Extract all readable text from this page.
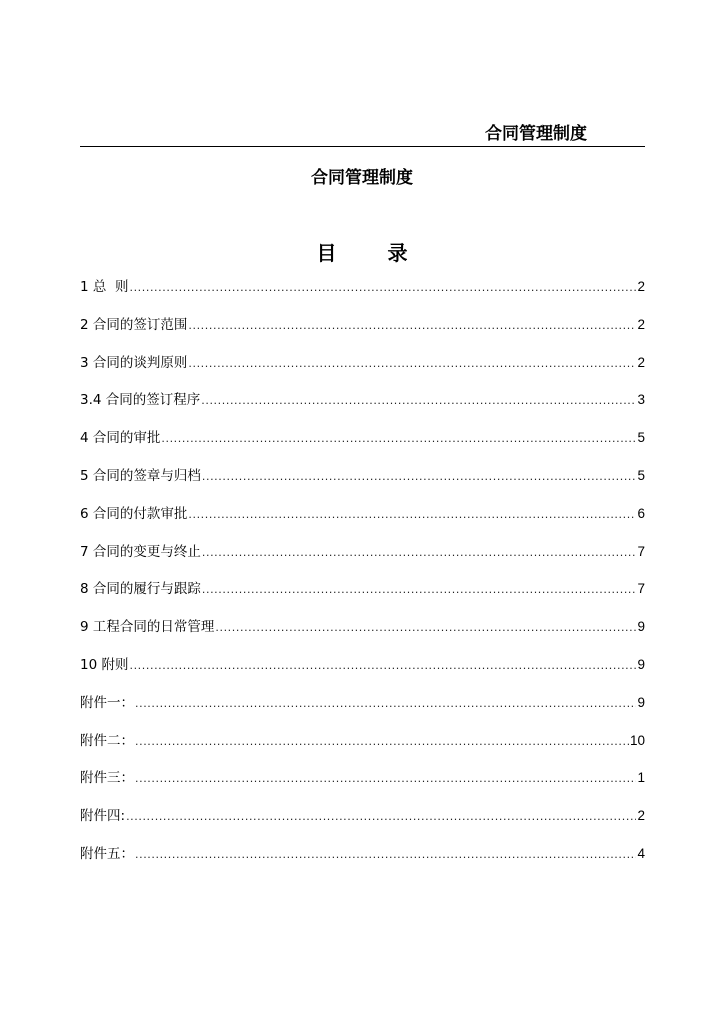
合同管理制度
合同管理制度
目 录
1 总  则 .....	2
2 合同的签订范围 .....	2
3 合同的谈判原则 .....	2
3.4 合同的签订程序 .....	3
4 合同的审批 .....	5
5 合同的签章与归档 .....	5
6 合同的付款审批 .....	6
7 合同的变更与终止 .....	7
8 合同的履行与跟踪 .....	7
9 工程合同的日常管理 .....	9
10 附则 .....	9
附件一： .....	9
附件二： .....	10
附件三： .....	1
附件四: .....	2
附件五： .....	4
